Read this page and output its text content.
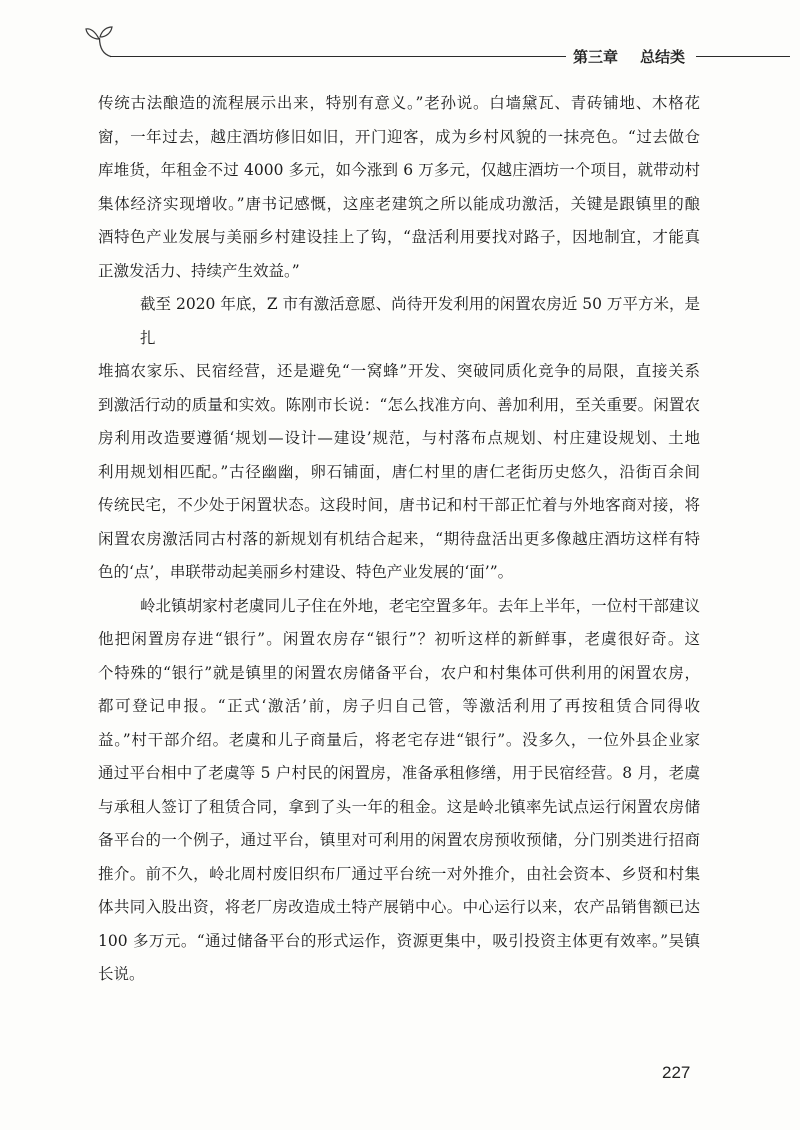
第三章 总结类
传统古法酿造的流程展示出来，特别有意义。”老孙说。白墙黛瓦、青砖铺地、木格花
窗，一年过去，越庄酒坊修旧如旧，开门迎客，成为乡村风貌的一抹亮色。“过去做仓
库堆货，年租金不过 4000 多元，如今涨到 6 万多元，仅越庄酒坊一个项目，就带动村
集体经济实现增收。”唐书记感慨，这座老建筑之所以能成功激活，关键是跟镇里的酿
酒特色产业发展与美丽乡村建设挂上了钩，“盘活利用要找对路子，因地制宜，才能真
正激发活力、持续产生效益。”
截至 2020 年底，Z 市有激活意愿、尚待开发利用的闲置农房近 50 万平方米，是扎
堆搞农家乐、民宿经营，还是避免“一窝蜂”开发、突破同质化竞争的局限，直接关系
到激活行动的质量和实效。陈刚市长说：“怎么找准方向、善加利用，至关重要。闲置农
房利用改造要遵循‘规划—设计—建设’规范，与村落布点规划、村庄建设规划、土地
利用规划相匹配。”古径幽幽，卵石铺面，唐仁村里的唐仁老街历史悠久，沿街百余间
传统民宅，不少处于闲置状态。这段时间，唐书记和村干部正忙着与外地客商对接，将
闲置农房激活同古村落的新规划有机结合起来，“期待盘活出更多像越庄酒坊这样有特
色的‘点’，串联带动起美丽乡村建设、特色产业发展的‘面’”。
岭北镇胡家村老虞同儿子住在外地，老宅空置多年。去年上半年，一位村干部建议
他把闲置房存进“银行”。闲置农房存“银行”？初听这样的新鲜事，老虞很好奇。这
个特殊的“银行”就是镇里的闲置农房储备平台，农户和村集体可供利用的闲置农房，
都可登记申报。“正式‘激活’前，房子归自己管，等激活利用了再按租赁合同得收
益。”村干部介绍。老虞和儿子商量后，将老宅存进“银行”。没多久，一位外县企业家
通过平台相中了老虞等 5 户村民的闲置房，准备承租修缮，用于民宿经营。8 月，老虞
与承租人签订了租赁合同，拿到了头一年的租金。这是岭北镇率先试点运行闲置农房储
备平台的一个例子，通过平台，镇里对可利用的闲置农房预收预储，分门别类进行招商
推介。前不久，岭北周村废旧织布厂通过平台统一对外推介，由社会资本、乡贤和村集
体共同入股出资，将老厂房改造成土特产展销中心。中心运行以来，农产品销售额已达
100 多万元。“通过储备平台的形式运作，资源更集中，吸引投资主体更有效率。”吴镇
长说。
227
